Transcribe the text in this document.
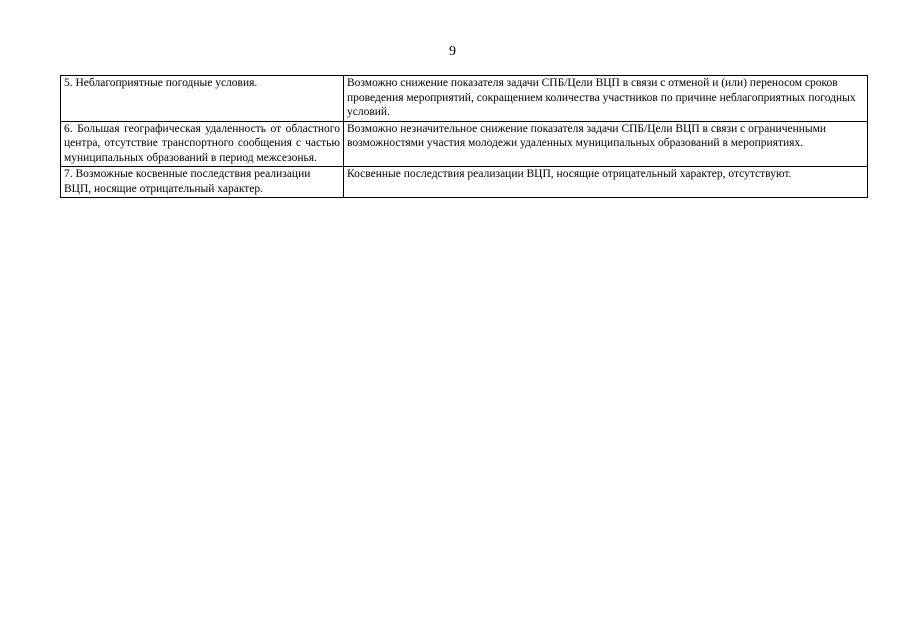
9
5. Неблагоприятные погодные условия.	Возможно снижение показателя задачи СПБ/Цели ВЦП в связи с отменой и (или) переносом сроков проведения мероприятий, сокращением количества участников по причине неблагоприятных погодных условий.
6. Большая географическая удаленность от областного центра, отсутствие транспортного сообщения с частью муниципальных образований в период межсезонья.	Возможно незначительное снижение показателя задачи СПБ/Цели ВЦП в связи с ограниченными возможностями участия молодежи удаленных муниципальных образований в мероприятиях.
7. Возможные косвенные последствия реализации ВЦП, носящие отрицательный характер.	Косвенные последствия реализации ВЦП, носящие отрицательный характер, отсутствуют.
